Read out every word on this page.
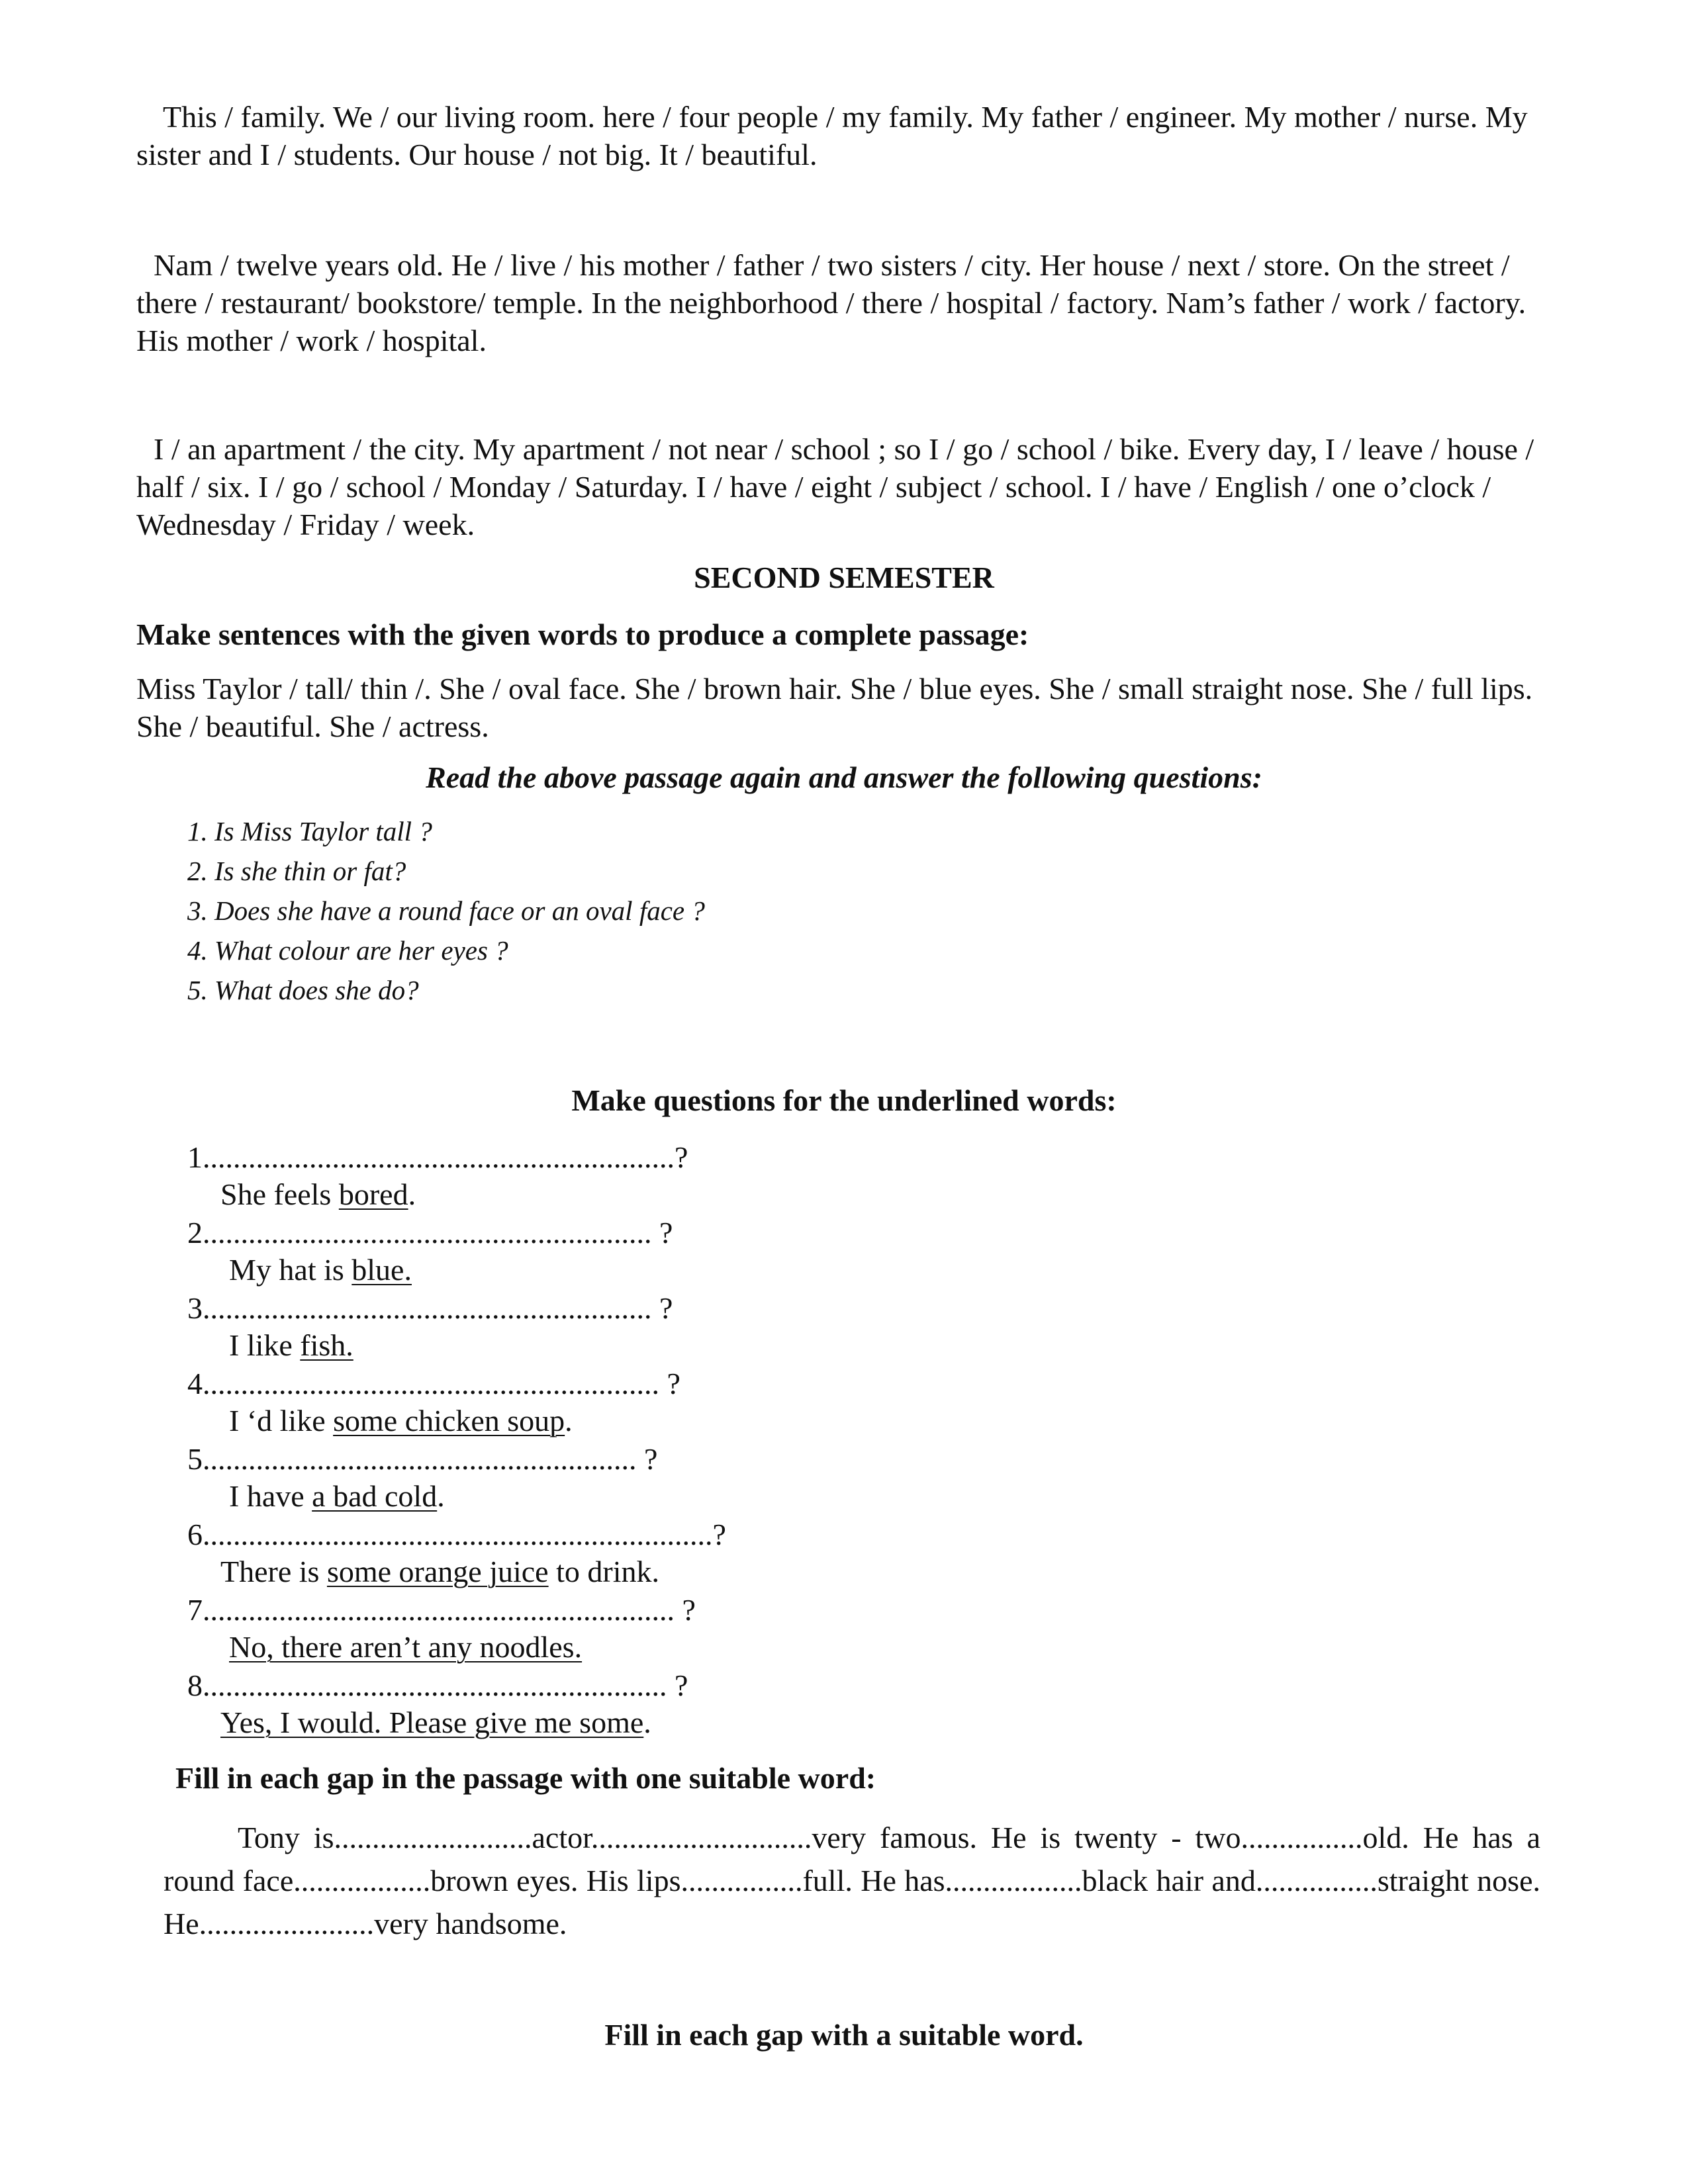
This / family. We / our living room. here / four people / my family. My father / engineer. My mother / nurse. My sister and I / students. Our house / not big. It / beautiful.

Nam / twelve years old. He / live / his mother / father / two sisters / city. Her house / next / store. On the street / there / restaurant/ bookstore/ temple. In the neighborhood / there / hospital / factory. Nam’s father / work / factory. His mother / work / hospital.

I / an apartment / the city. My apartment / not near / school ; so I / go / school / bike. Every day, I / leave / house / half / six. I / go / school / Monday / Saturday. I / have / eight / subject / school. I / have / English / one o’clock / Wednesday / Friday / week.

SECOND SEMESTER

Make sentences with the given words to produce a complete passage:

Miss Taylor / tall/ thin /. She / oval face. She / brown hair. She / blue eyes. She / small straight nose. She / full lips. She / beautiful. She / actress.

Read the above passage again and answer the following questions:

1. Is Miss Taylor tall ?

2. Is she thin or fat?

3. Does she have a round face or an oval face ?

4. What colour are her eyes ?

5. What does she do?

Make questions for the underlined words:

1..............................................................?

She feels bored.

2........................................................... ?

My hat is blue.

3........................................................... ?

I like fish.

4............................................................ ?

I ‘d like some chicken soup.

5......................................................... ?

I have a bad cold.

6...................................................................?

There is some orange juice to drink.

7.............................................................. ?

No, there aren’t any noodles.

8............................................................. ?

Yes, I would. Please give me some.

Fill in each gap in the passage with one suitable word:

Tony is..........................actor.............................very famous. He is twenty - two................old. He has a round face..................brown eyes. His lips................full. He has..................black hair and................straight nose. He.......................very handsome.

Fill in each gap with a suitable word.
